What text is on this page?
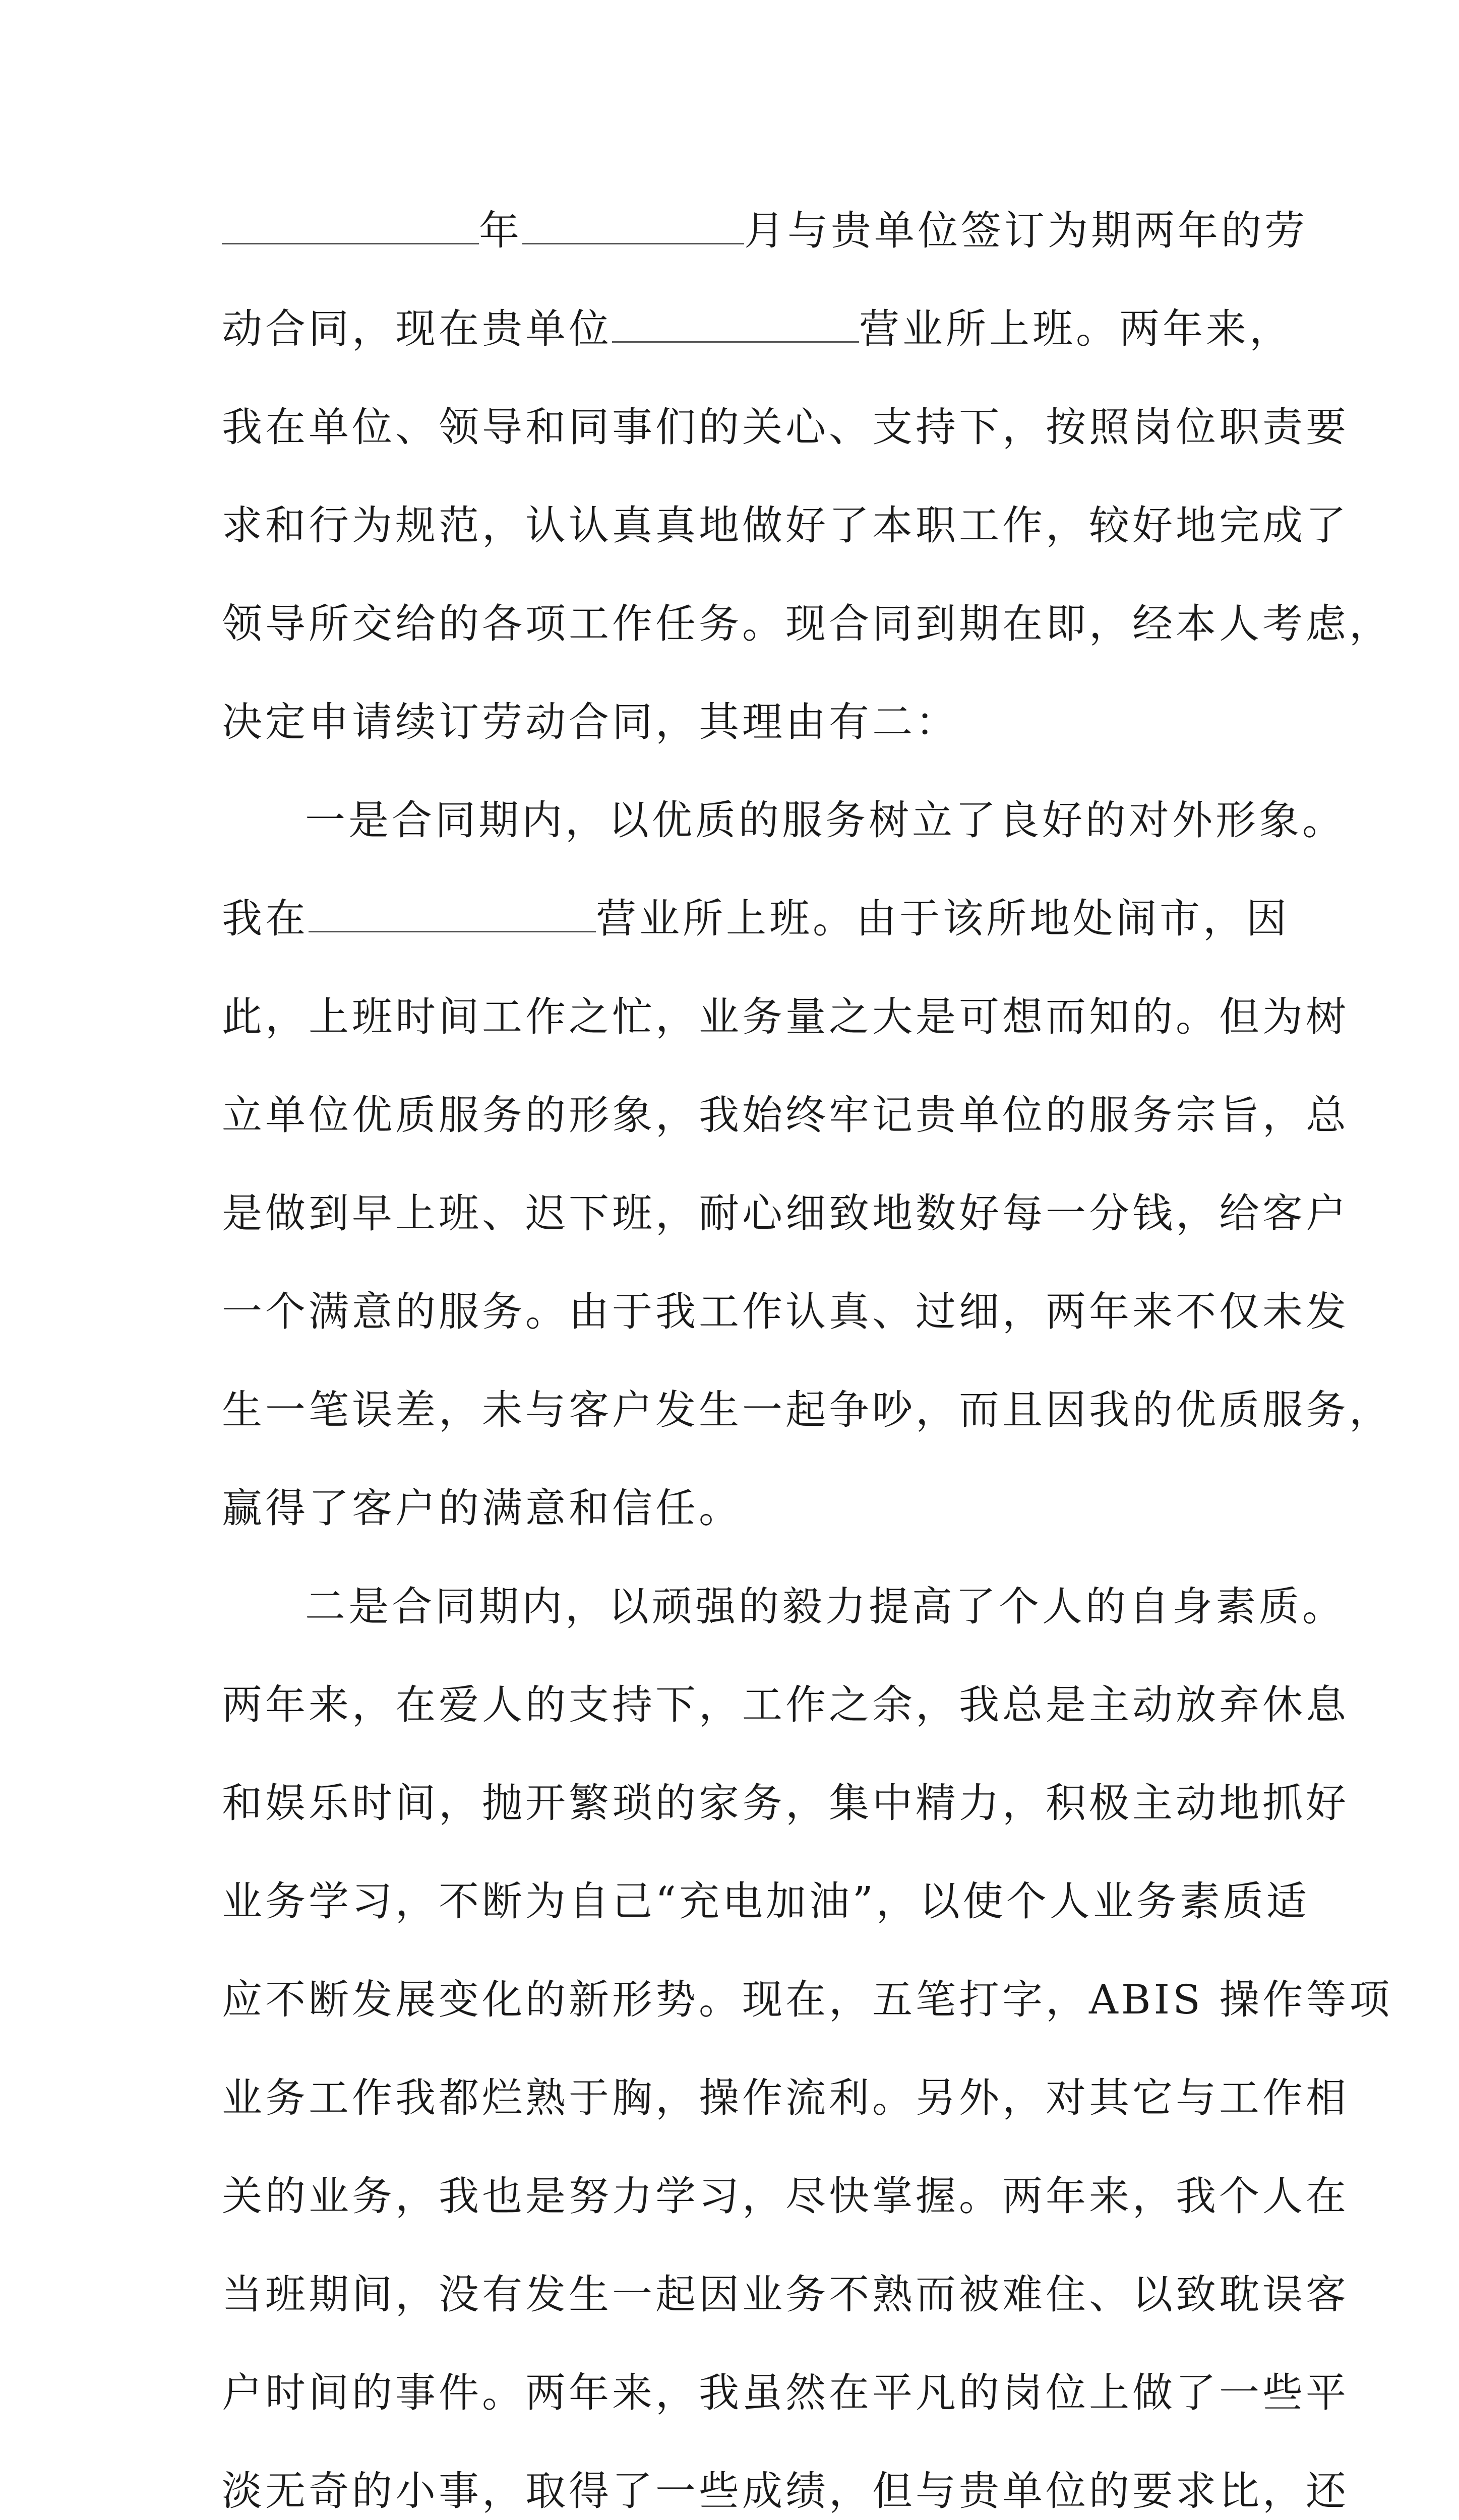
年	月与贵单位签订为期两年的劳
动合同，现在贵单位	营业所上班。两年来，
我在单位、领导和同事们的关心、支持下，按照岗位职责要
求和行为规范，认认真真地做好了本职工作，较好地完成了
领导所交给的各项工作任务。现合同到期在即，经本人考虑，
决定申请续订劳动合同，其理由有二：
一是合同期内，以优质的服务树立了良好的对外形象。
我在	营业所上班。由于该所地处闹市，因
此，上班时间工作之忙，业务量之大是可想而知的。但为树
立单位优质服务的形象，我始终牢记贵单位的服务宗旨，总
是做到早上班、迟下班，耐心细致地数好每一分钱，给客户
一个满意的服务。由于我工作认真、过细，两年来不仅未发
生一笔误差，未与客户发生一起争吵，而且因我的优质服务，
赢得了客户的满意和信任。
二是合同期内，以顽强的毅力提高了个人的自身素质。
两年来，在爱人的支持下，工作之余，我总是主动放弃休息
和娱乐时间，抛开繁琐的家务，集中精力，积极主动地抓好
业务学习，不断为自己“充电加油”，以使个人业务素质适
应不断发展变化的新形势。现在，五笔打字，ABIS 操作等项
业务工作我都烂熟于胸，操作流利。另外，对其它与工作相
关的业务，我也是努力学习，尽快掌握。两年来，我个人在
当班期间，没有发生一起因业务不熟而被难住、以致耽误客
户时间的事件。两年来，我虽然在平凡的岗位上做了一些平
淡无奇的小事，取得了一些成绩，但与贵单位的要求比，还
